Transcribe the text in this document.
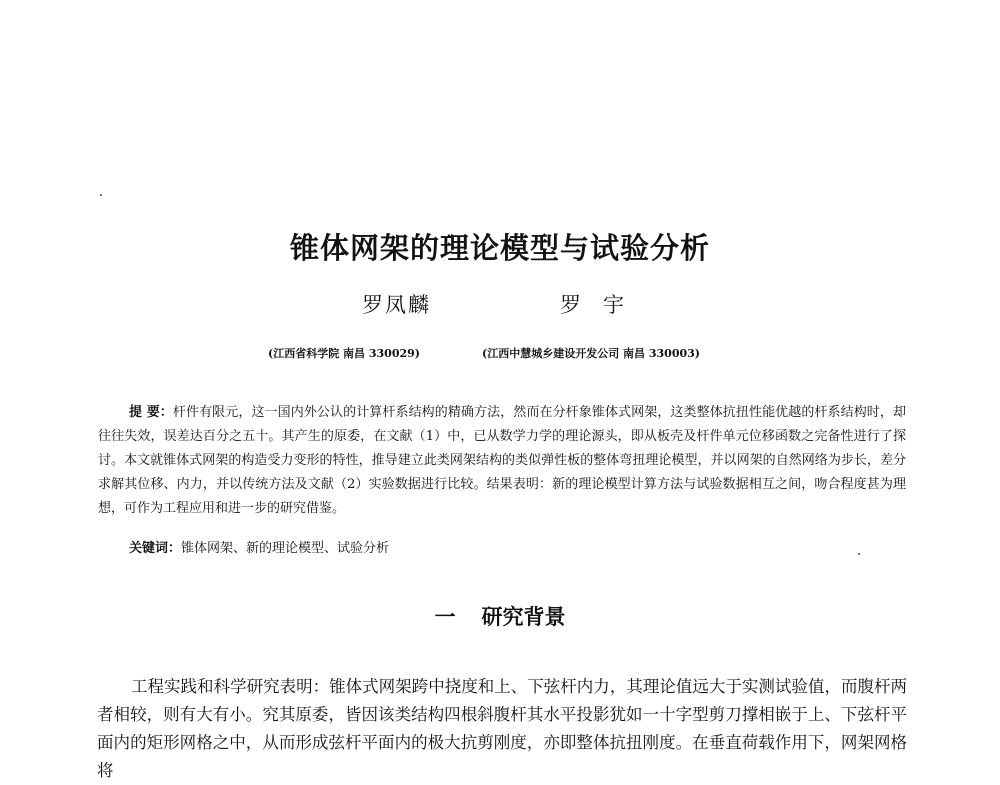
锥体网架的理论模型与试验分析
罗凤麟	罗宇
(江西省科学院 南昌 330029)	(江西中慧城乡建设开发公司 南昌 330003)
提 要：杆件有限元，这一国内外公认的计算杆系结构的精确方法，然而在分杆象锥体式网架，这类整体抗扭性能优越的杆系结构时，却往往失效，误差达百分之五十。其产生的原委，在文献（1）中，已从数学力学的理论源头，即从板壳及杆件单元位移函数之完备性进行了探讨。本文就锥体式网架的构造受力变形的特性，推导建立此类网架结构的类似弹性板的整体弯扭理论模型，并以网架的自然网络为步长，差分求解其位移、内力，并以传统方法及文献（2）实验数据进行比较。结果表明：新的理论模型计算方法与试验数据相互之间，吻合程度甚为理想，可作为工程应用和进一步的研究借鉴。
关键词：锥体网架、新的理论模型、试验分析
一 研究背景
工程实践和科学研究表明：锥体式网架跨中挠度和上、下弦杆内力，其理论值远大于实测试验值，而腹杆两者相较，则有大有小。究其原委，皆因该类结构四根斜腹杆其水平投影犹如一十字型剪刀撑相嵌于上、下弦杆平面内的矩形网格之中，从而形成弦杆平面内的极大抗剪刚度，亦即整体抗扭刚度。在垂直荷载作用下，网架网格将
